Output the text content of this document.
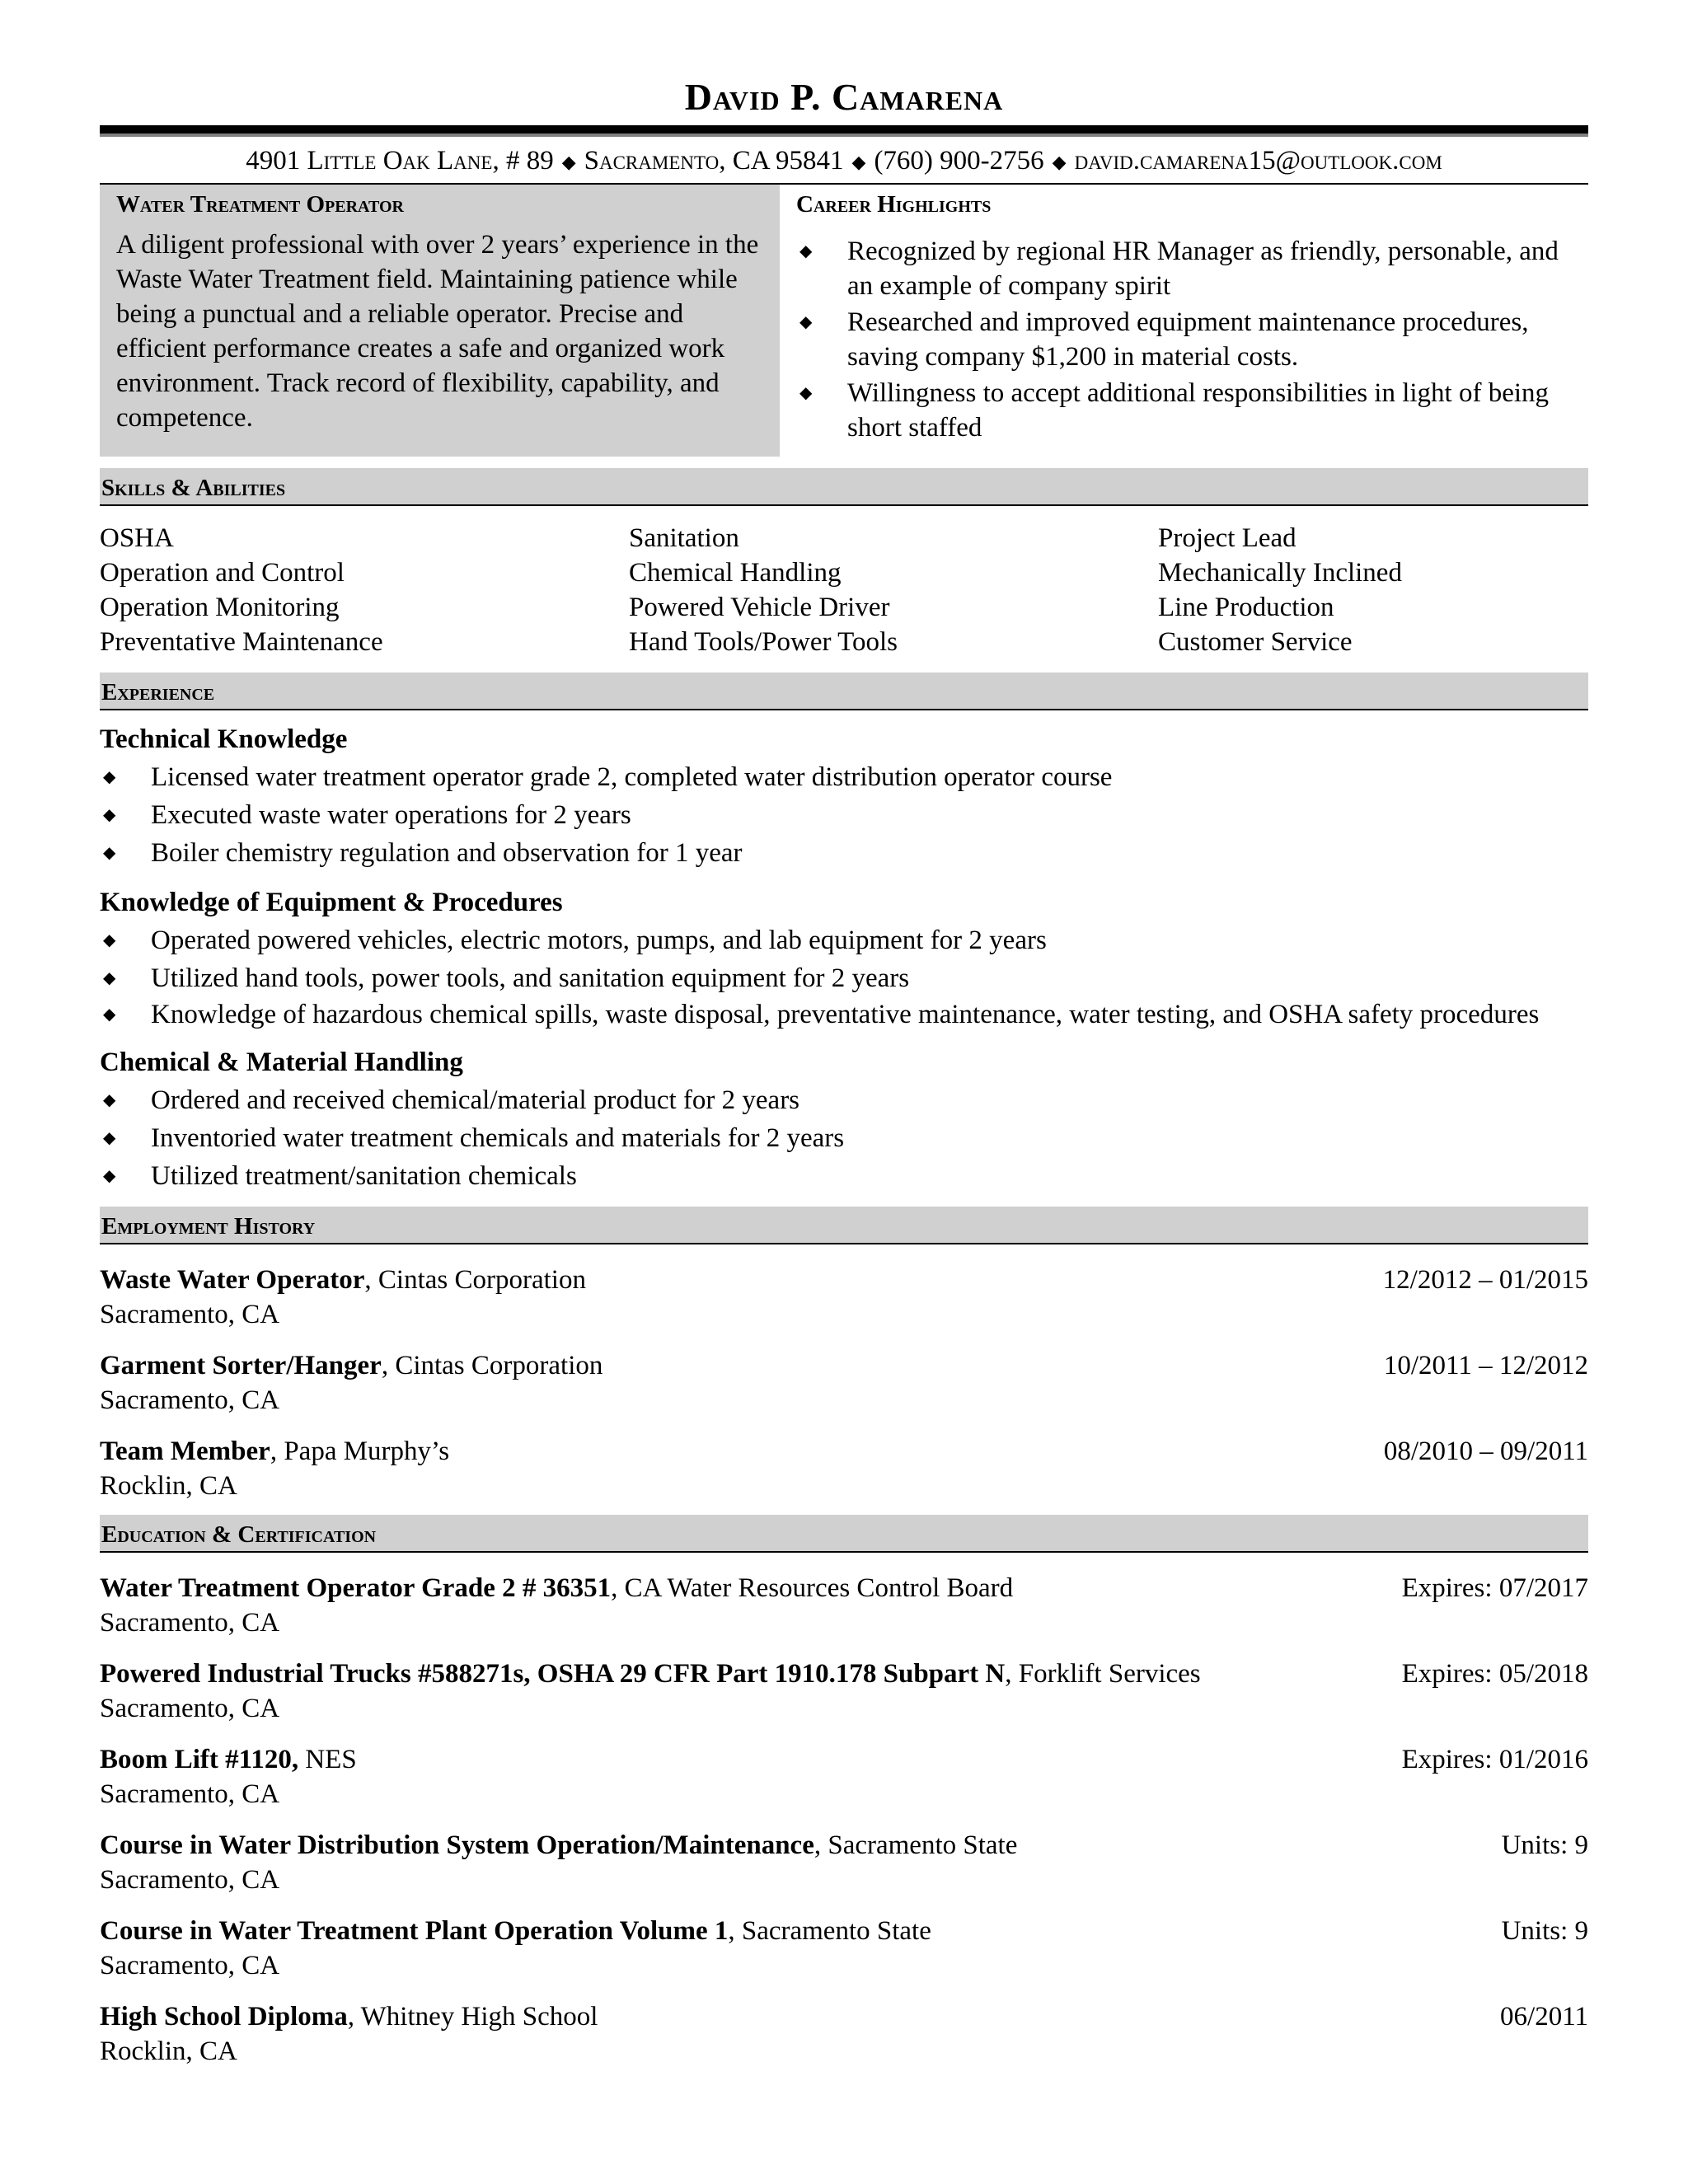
David P. Camarena
4901 Little Oak Lane, # 89 ◆ Sacramento, CA 95841 ◆ (760) 900-2756 ◆ david.camarena15@outlook.com
Water Treatment Operator
A diligent professional with over 2 years’ experience in the Waste Water Treatment field. Maintaining patience while being a punctual and a reliable operator. Precise and efficient performance creates a safe and organized work environment. Track record of flexibility, capability, and competence.
Career Highlights
◆ Recognized by regional HR Manager as friendly, personable, and an example of company spirit
◆ Researched and improved equipment maintenance procedures, saving company $1,200 in material costs.
◆ Willingness to accept additional responsibilities in light of being short staffed
Skills & Abilities
OSHA	Sanitation	Project Lead
Operation and Control	Chemical Handling	Mechanically Inclined
Operation Monitoring	Powered Vehicle Driver	Line Production
Preventative Maintenance	Hand Tools/Power Tools	Customer Service
Experience
Technical Knowledge
◆ Licensed water treatment operator grade 2, completed water distribution operator course
◆ Executed waste water operations for 2 years
◆ Boiler chemistry regulation and observation for 1 year
Knowledge of Equipment & Procedures
◆ Operated powered vehicles, electric motors, pumps, and lab equipment for 2 years
◆ Utilized hand tools, power tools, and sanitation equipment for 2 years
◆ Knowledge of hazardous chemical spills, waste disposal, preventative maintenance, water testing, and OSHA safety procedures
Chemical & Material Handling
◆ Ordered and received chemical/material product for 2 years
◆ Inventoried water treatment chemicals and materials for 2 years
◆ Utilized treatment/sanitation chemicals
Employment History
Waste Water Operator, Cintas Corporation	12/2012 – 01/2015
Sacramento, CA
Garment Sorter/Hanger, Cintas Corporation	10/2011 – 12/2012
Sacramento, CA
Team Member, Papa Murphy’s	08/2010 – 09/2011
Rocklin, CA
Education & Certification
Water Treatment Operator Grade 2 # 36351, CA Water Resources Control Board	Expires: 07/2017
Sacramento, CA
Powered Industrial Trucks #588271s, OSHA 29 CFR Part 1910.178 Subpart N, Forklift Services	Expires: 05/2018
Sacramento, CA
Boom Lift #1120, NES	Expires: 01/2016
Sacramento, CA
Course in Water Distribution System Operation/Maintenance, Sacramento State	Units: 9
Sacramento, CA
Course in Water Treatment Plant Operation Volume 1, Sacramento State	Units: 9
Sacramento, CA
High School Diploma, Whitney High School	06/2011
Rocklin, CA
